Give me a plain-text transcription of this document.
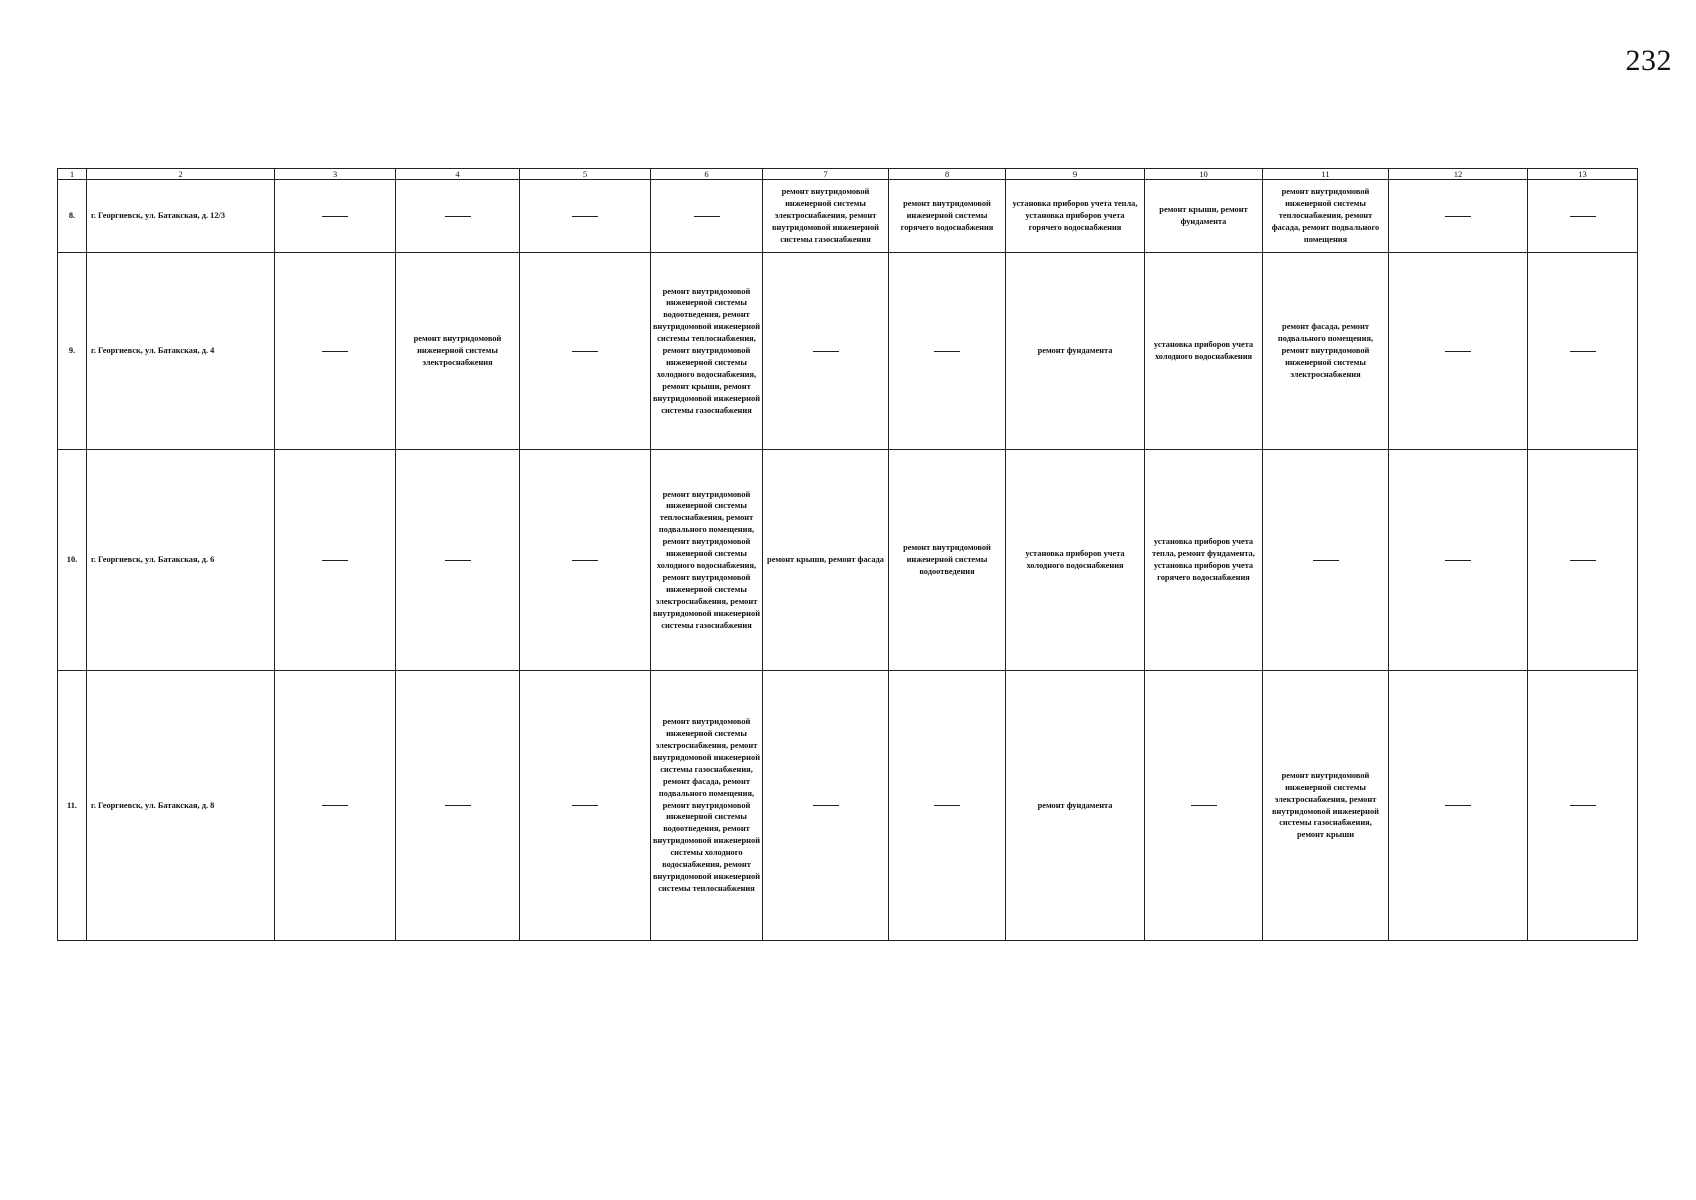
232
1	2	3	4	5	6	7	8	9	10	11	12	13
8.	г. Георгиевск, ул. Батакская, д. 12/3					ремонт внутридомовой инженерной системы электроснабжения, ремонт внутридомовой инженерной системы газоснабжения	ремонт внутридомовой инженерной системы горячего водоснабжения	установка приборов учета тепла, установка приборов учета горячего водоснабжения	ремонт крыши, ремонт фундамента	ремонт внутридомовой инженерной системы теплоснабжения, ремонт фасада, ремонт подвального помещения		

9.	г. Георгиевск, ул. Батакская, д. 4		ремонт внутридомовой инженерной системы электроснабжения		ремонт внутридомовой инженерной системы водоотведения, ремонт внутридомовой инженерной системы теплоснабжения, ремонт внутридомовой инженерной системы холодного водоснабжения, ремонт крыши, ремонт внутридомовой инженерной системы газоснабжения			ремонт фундамента	установка приборов учета холодного водоснабжения	ремонт фасада, ремонт подвального помещения, ремонт внутридомовой инженерной системы электроснабжения		

10.	г. Георгиевск, ул. Батакская, д. 6				ремонт внутридомовой инженерной системы теплоснабжения, ремонт подвального помещения, ремонт внутридомовой инженерной системы холодного водоснабжения, ремонт внутридомовой инженерной системы электроснабжения, ремонт внутридомовой инженерной системы газоснабжения	ремонт крыши, ремонт фасада	ремонт внутридомовой инженерной системы водоотведения	установка приборов учета холодного водоснабжения	установка приборов учета тепла, ремонт фундамента, установка приборов учета горячего водоснабжения			

11.	г. Георгиевск, ул. Батакская, д. 8				ремонт внутридомовой инженерной системы электроснабжения, ремонт внутридомовой инженерной системы газоснабжения, ремонт фасада, ремонт подвального помещения, ремонт внутридомовой инженерной системы водоотведения, ремонт внутридомовой инженерной системы холодного водоснабжения, ремонт внутридомовой инженерной системы теплоснабжения			ремонт фундамента		ремонт внутридомовой инженерной системы электроснабжения, ремонт внутридомовой инженерной системы газоснабжения, ремонт крыши		
